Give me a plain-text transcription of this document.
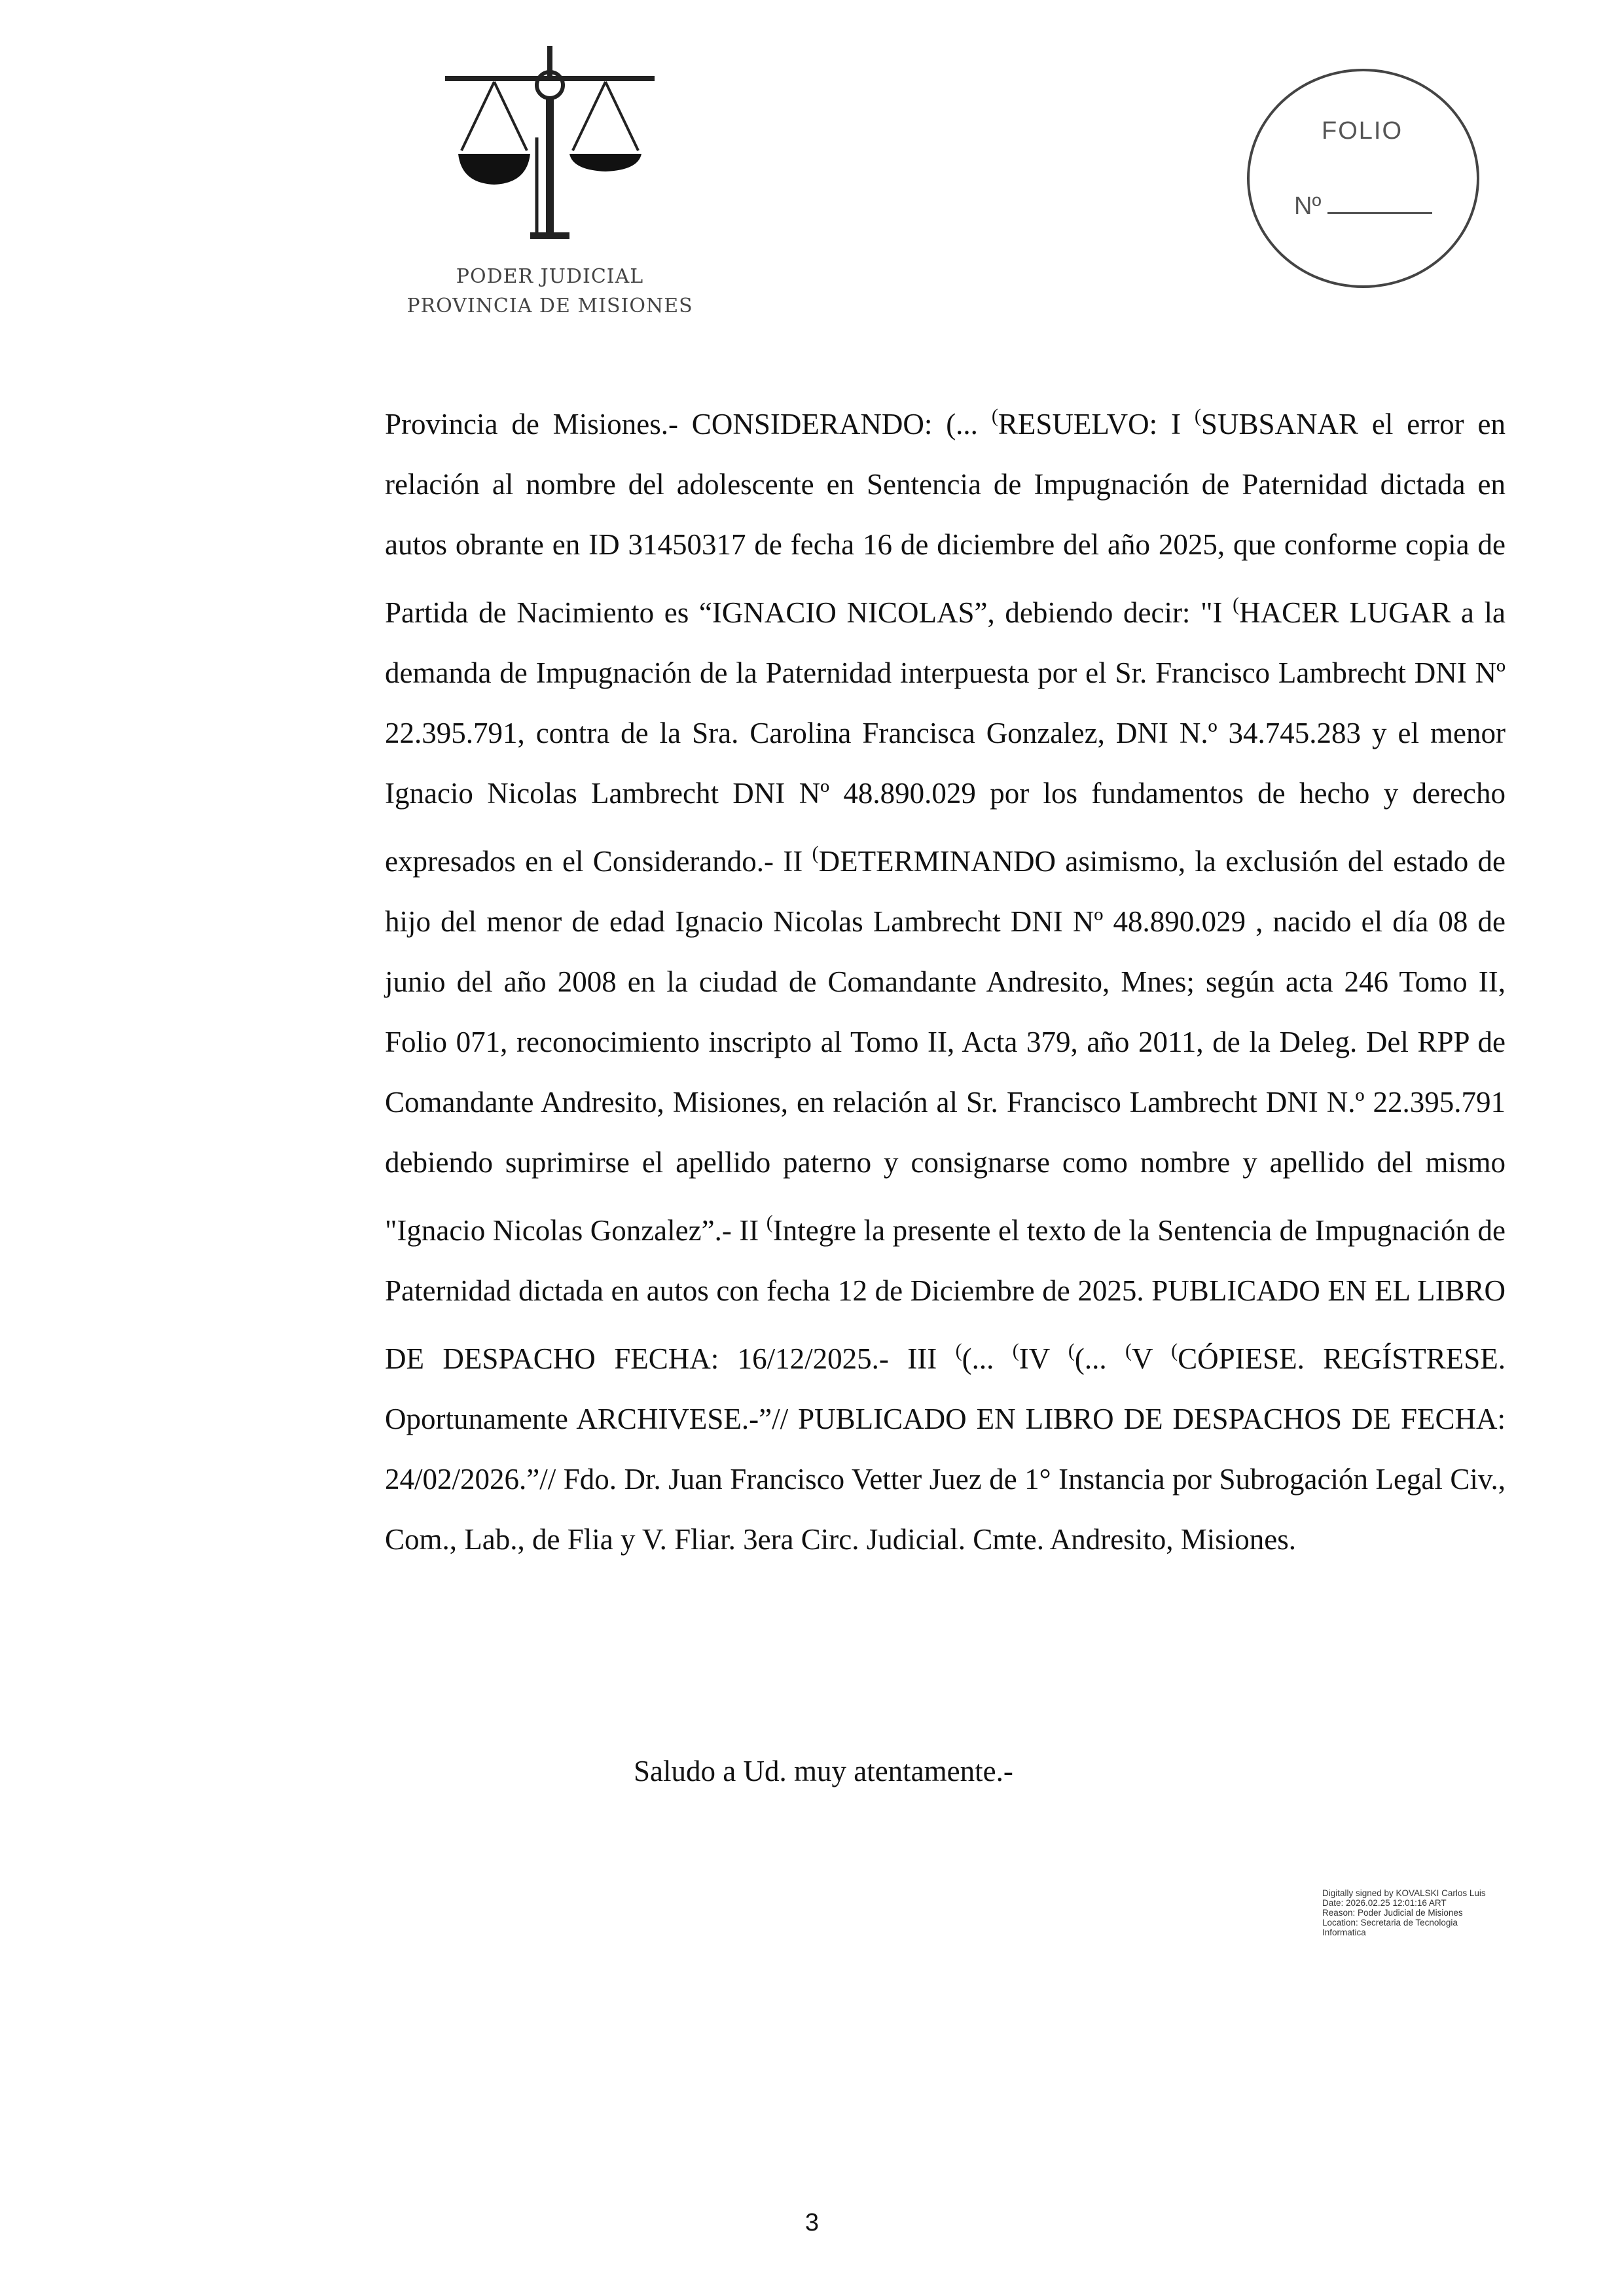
PODER JUDICIAL
PROVINCIA DE MISIONES
FOLIO
Nº

Provincia de Misiones.- CONSIDERANDO: (... (RESUELVO: I (SUBSANAR el error en relación al nombre del adolescente en Sentencia de Impugnación de Paternidad dictada en autos obrante en ID 31450317 de fecha 16 de diciembre del año 2025, que conforme copia de Partida de Nacimiento es “IGNACIO NICOLAS”, debiendo decir: "I (HACER LUGAR a la demanda de Impugnación de la Paternidad interpuesta por el Sr. Francisco Lambrecht DNI Nº 22.395.791, contra de la Sra. Carolina Francisca Gonzalez, DNI N.º 34.745.283 y el menor Ignacio Nicolas Lambrecht DNI Nº 48.890.029 por los fundamentos de hecho y derecho expresados en el Considerando.- II (DETERMINANDO asimismo, la exclusión del estado de hijo del menor de edad Ignacio Nicolas Lambrecht DNI Nº 48.890.029 , nacido el día 08 de junio del año 2008 en la ciudad de Comandante Andresito, Mnes; según acta 246 Tomo II, Folio 071, reconocimiento inscripto al Tomo II, Acta 379, año 2011, de la Deleg. Del RPP de Comandante Andresito, Misiones, en relación al Sr. Francisco Lambrecht DNI N.º 22.395.791 debiendo suprimirse el apellido paterno y consignarse como nombre y apellido del mismo "Ignacio Nicolas Gonzalez”.- II (Integre la presente el texto de la Sentencia de Impugnación de Paternidad dictada en autos con fecha 12 de Diciembre de 2025. PUBLICADO EN EL LIBRO DE DESPACHO FECHA: 16/12/2025.- III ((... (IV ((... (V (CÓPIESE. REGÍSTRESE. Oportunamente ARCHIVESE.-”// PUBLICADO EN LIBRO DE DESPACHOS DE FECHA: 24/02/2026.”// Fdo. Dr. Juan Francisco Vetter Juez de 1° Instancia por Subrogación Legal Civ., Com., Lab., de Flia y V. Fliar. 3era Circ. Judicial. Cmte. Andresito, Misiones.

Saludo a Ud. muy atentamente.-
Digitally signed by KOVALSKI Carlos Luis
Date: 2026.02.25 12:01:16 ART
Reason: Poder Judicial de Misiones
Location: Secretaria de Tecnologia
Informatica
3
